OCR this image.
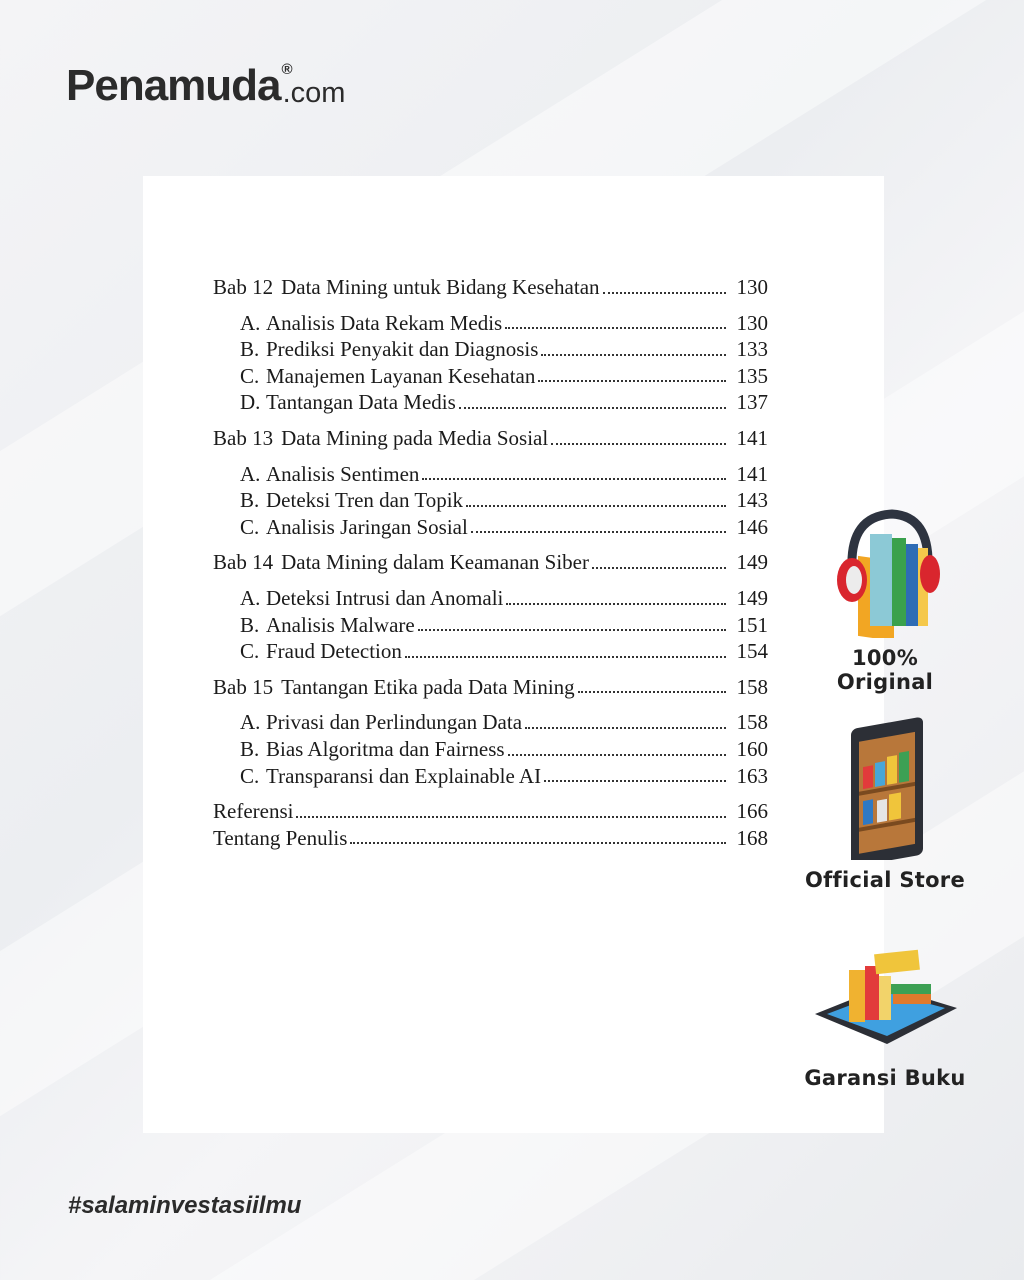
Penamuda ®
.com
Bab 12 Data Mining untuk Bidang Kesehatan	130
A. Analisis Data Rekam Medis	130
B. Prediksi Penyakit dan Diagnosis	133
C. Manajemen Layanan Kesehatan	135
D. Tantangan Data Medis	137
Bab 13 Data Mining pada Media Sosial	141
A. Analisis Sentimen	141
B. Deteksi Tren dan Topik	143
C. Analisis Jaringan Sosial	146
Bab 14 Data Mining dalam Keamanan Siber	149
A. Deteksi Intrusi dan Anomali	149
B. Analisis Malware	151
C. Fraud Detection	154
Bab 15 Tantangan Etika pada Data Mining	158
A. Privasi dan Perlindungan Data	158
B. Bias Algoritma dan Fairness	160
C. Transparansi dan Explainable AI	163
Referensi	166
Tentang Penulis	168
100% Original
Official Store
Garansi Buku
#salaminvestasiilmu
